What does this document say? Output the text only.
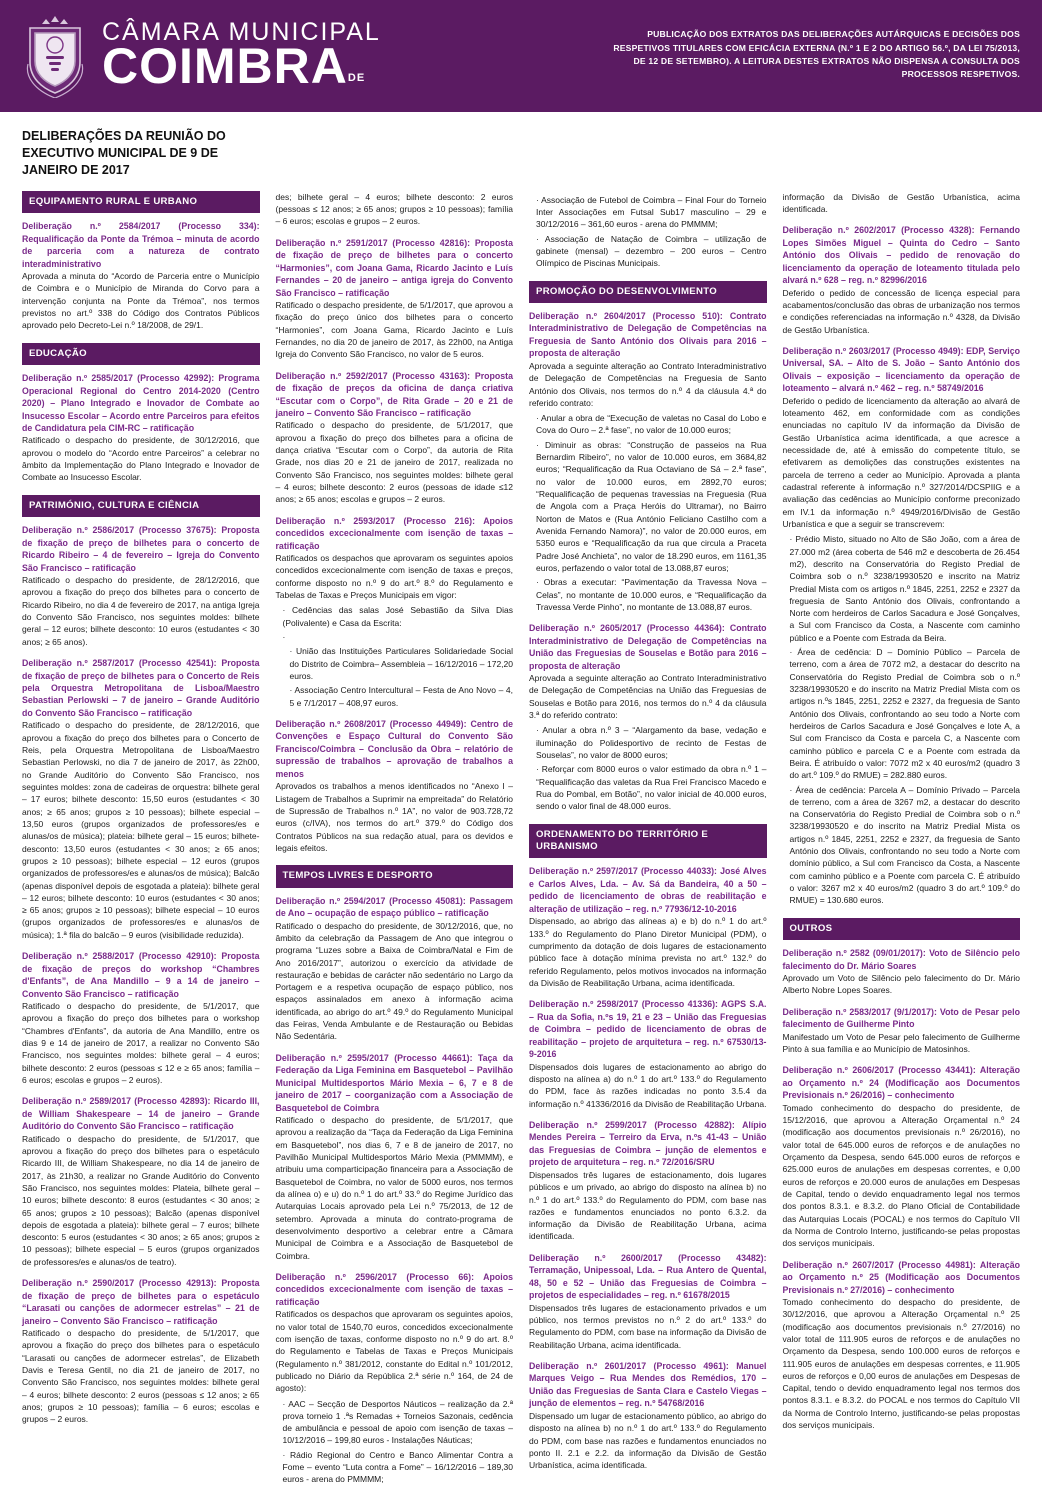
CÂMARA MUNICIPAL
COIMBRADE
PUBLICAÇÃO DOS EXTRATOS DAS DELIBERAÇÕES AUTÁRQUICAS E DECISÕES DOS RESPETIVOS TITULARES COM EFICÁCIA EXTERNA (N.º 1 E 2 DO ARTIGO 56.º, DA LEI 75/2013, DE 12 DE SETEMBRO). A LEITURA DESTES EXTRATOS NÃO DISPENSA A CONSULTA DOS PROCESSOS RESPETIVOS.
DELIBERAÇÕES DA REUNIÃO DO EXECUTIVO MUNICIPAL DE 9 DE JANEIRO DE 2017
EQUIPAMENTO RURAL E URBANO
Deliberação n.º 2584/2017 (Processo 334): Requalificação da Ponte da Trémoa – minuta de acordo de parceria com a natureza de contrato interadministrativo

Aprovada a minuta do “Acordo de Parceria entre o Município de Coimbra e o Município de Miranda do Corvo para a intervenção conjunta na Ponte da Trémoa”, nos termos previstos no art.º 338 do Código dos Contratos Públicos aprovado pelo Decreto-Lei n.º 18/2008, de 29/1.

EDUCAÇÃO
Deliberação n.º 2585/2017 (Processo 42992): Programa Operacional Regional do Centro 2014-2020 (Centro 2020) – Plano Integrado e Inovador de Combate ao Insucesso Escolar – Acordo entre Parceiros para efeitos de Candidatura pela CIM-RC – ratificação

Ratificado o despacho do presidente, de 30/12/2016, que aprovou o modelo do “Acordo entre Parceiros” a celebrar no âmbito da Implementação do Plano Integrado e Inovador de Combate ao Insucesso Escolar.

PATRIMÓNIO, CULTURA E CIÊNCIA
Deliberação n.º 2586/2017 (Processo 37675): Proposta de fixação de preço de bilhetes para o concerto de Ricardo Ribeiro – 4 de fevereiro – Igreja do Convento São Francisco – ratificação

Ratificado o despacho do presidente, de 28/12/2016, que aprovou a fixação do preço dos bilhetes para o concerto de Ricardo Ribeiro, no dia 4 de fevereiro de 2017, na antiga Igreja do Convento São Francisco, nos seguintes moldes: bilhete geral – 12 euros; bilhete desconto: 10 euros (estudantes < 30 anos; ≥ 65 anos).

Deliberação n.º 2587/2017 (Processo 42541): Proposta de fixação de preço de bilhetes para o Concerto de Reis pela Orquestra Metropolitana de Lisboa/Maestro Sebastian Perlowski – 7 de janeiro – Grande Auditório do Convento São Francisco – ratificação

Ratificado o despacho do presidente, de 28/12/2016, que aprovou a fixação do preço dos bilhetes para o Concerto de Reis, pela Orquestra Metropolitana de Lisboa/Maestro Sebastian Perlowski, no dia 7 de janeiro de 2017, às 22h00, no Grande Auditório do Convento São Francisco, nos seguintes moldes: zona de cadeiras de orquestra: bilhete geral – 17 euros; bilhete desconto: 15,50 euros (estudantes < 30 anos; ≥ 65 anos; grupos ≥ 10 pessoas); bilhete especial – 13,50 euros (grupos organizados de professores/es e alunas/os de música); plateia: bilhete geral – 15 euros; bilhete-desconto: 13,50 euros (estudantes < 30 anos; ≥ 65 anos; grupos ≥ 10 pessoas); bilhete especial – 12 euros (grupos organizados de professores/es e alunas/os de música); Balcão (apenas disponível depois de esgotada a plateia): bilhete geral – 12 euros; bilhete desconto: 10 euros (estudantes < 30 anos; ≥ 65 anos; grupos ≥ 10 pessoas); bilhete especial – 10 euros (grupos organizados de professores/es e alunas/os de música); 1.ª fila do balcão – 9 euros (visibilidade reduzida).

Deliberação n.º 2588/2017 (Processo 42910): Proposta de fixação de preços do workshop “Chambres d'Enfants”, de Ana Mandillo – 9 a 14 de janeiro – Convento São Francisco – ratificação

Ratificado o despacho do presidente, de 5/1/2017, que aprovou a fixação do preço dos bilhetes para o workshop “Chambres d'Enfants”, da autoria de Ana Mandillo, entre os dias 9 e 14 de janeiro de 2017, a realizar no Convento São Francisco, nos seguintes moldes: bilhete geral – 4 euros; bilhete desconto: 2 euros (pessoas ≤ 12 e ≥ 65 anos; família – 6 euros; escolas e grupos – 2 euros).

Deliberação n.º 2589/2017 (Processo 42893): Ricardo III, de William Shakespeare – 14 de janeiro – Grande Auditório do Convento São Francisco – ratificação

Ratificado o despacho do presidente, de 5/1/2017, que aprovou a fixação do preço dos bilhetes para o espetáculo Ricardo III, de William Shakespeare, no dia 14 de janeiro de 2017, às 21h30, a realizar no Grande Auditório do Convento São Francisco, nos seguintes moldes: Plateia, bilhete geral – 10 euros; bilhete desconto: 8 euros (estudantes < 30 anos; ≥ 65 anos; grupos ≥ 10 pessoas); Balcão (apenas disponível depois de esgotada a plateia): bilhete geral – 7 euros; bilhete desconto: 5 euros (estudantes < 30 anos; ≥ 65 anos; grupos ≥ 10 pessoas); bilhete especial – 5 euros (grupos organizados de professores/es e alunas/os de teatro).

Deliberação n.º 2590/2017 (Processo 42913): Proposta de fixação de preço de bilhetes para o espetáculo “Larasati ou canções de adormecer estrelas” – 21 de janeiro – Convento São Francisco – ratificação

Ratificado o despacho do presidente, de 5/1/2017, que aprovou a fixação do preço dos bilhetes para o espetáculo “Larasati ou canções de adormecer estrelas”, de Elizabeth Davis e Teresa Gentil, no dia 21 de janeiro de 2017, no Convento São Francisco, nos seguintes moldes: bilhete geral – 4 euros; bilhete desconto: 2 euros (pessoas ≤ 12 anos; ≥ 65 anos; grupos ≥ 10 pessoas); família – 6 euros; escolas e grupos – 2 euros.

des; bilhete geral – 4 euros; bilhete desconto: 2 euros (pessoas ≤ 12 anos; ≥ 65 anos; grupos ≥ 10 pessoas); família – 6 euros; escolas e grupos – 2 euros.

Deliberação n.º 2591/2017 (Processo 42816): Proposta de fixação de preço de bilhetes para o concerto “Harmonies”, com Joana Gama, Ricardo Jacinto e Luís Fernandes – 20 de janeiro – antiga igreja do Convento São Francisco – ratificação

Ratificado o despacho presidente, de 5/1/2017, que aprovou a fixação do preço único dos bilhetes para o concerto “Harmonies”, com Joana Gama, Ricardo Jacinto e Luís Fernandes, no dia 20 de janeiro de 2017, às 22h00, na Antiga Igreja do Convento São Francisco, no valor de 5 euros.

Deliberação n.º 2592/2017 (Processo 43163): Proposta de fixação de preços da oficina de dança criativa “Escutar com o Corpo”, de Rita Grade – 20 e 21 de janeiro – Convento São Francisco – ratificação

Ratificado o despacho do presidente, de 5/1/2017, que aprovou a fixação do preço dos bilhetes para a oficina de dança criativa “Escutar com o Corpo”, da autoria de Rita Grade, nos dias 20 e 21 de janeiro de 2017, realizada no Convento São Francisco, nos seguintes moldes: bilhete geral – 4 euros; bilhete desconto: 2 euros (pessoas de idade ≤12 anos; ≥ 65 anos; escolas e grupos – 2 euros.

Deliberação n.º 2593/2017 (Processo 216): Apoios concedidos excecionalmente com isenção de taxas – ratificação

Ratificados os despachos que aprovaram os seguintes apoios concedidos excecionalmente com isenção de taxas e preços, conforme disposto no n.º 9 do art.º 8.º do Regulamento e Tabelas de Taxas e Preços Municipais em vigor:

· Cedências das salas José Sebastião da Silva Dias (Polivalente) e Casa da Escrita:
· · União das Instituições Particulares Solidariedade Social do Distrito de Coimbra– Assembleia – 16/12/2016 – 172,20 euros.
· Associação Centro Intercultural – Festa de Ano Novo – 4, 5 e 7/1/2017 – 408,97 euros.
Deliberação n.º 2608/2017 (Processo 44949): Centro de Convenções e Espaço Cultural do Convento São Francisco/Coimbra – Conclusão da Obra – relatório de supressão de trabalhos – aprovação de trabalhos a menos

Aprovados os trabalhos a menos identificados no “Anexo I – Listagem de Trabalhos a Suprimir na empreitada” do Relatório de Supressão de Trabalhos n.º 1A”, no valor de 903.728,72 euros (c/IVA), nos termos do art.º 379.º do Código dos Contratos Públicos na sua redação atual, para os devidos e legais efeitos.

TEMPOS LIVRES E DESPORTO
Deliberação n.º 2594/2017 (Processo 45081): Passagem de Ano – ocupação de espaço público – ratificação

Ratificado o despacho do presidente, de 30/12/2016, que, no âmbito da celebração da Passagem de Ano que integrou o programa “Luzes sobre a Baixa de Coimbra/Natal e Fim de Ano 2016/2017”, autorizou o exercício da atividade de restauração e bebidas de carácter não sedentário no Largo da Portagem e a respetiva ocupação de espaço público, nos espaços assinalados em anexo à informação acima identificada, ao abrigo do art.º 49.º do Regulamento Municipal das Feiras, Venda Ambulante e de Restauração ou Bebidas Não Sedentária.

Deliberação n.º 2595/2017 (Processo 44661): Taça da Federação da Liga Feminina em Basquetebol – Pavilhão Municipal Multidesportos Mário Mexia – 6, 7 e 8 de janeiro de 2017 – coorganização com a Associação de Basquetebol de Coimbra

Ratificado o despacho do presidente, de 5/1/2017, que aprovou a realização da “Taça da Federação da Liga Feminina em Basquetebol”, nos dias 6, 7 e 8 de janeiro de 2017, no Pavilhão Municipal Multidesportos Mário Mexia (PMMMM), e atribuiu uma comparticipação financeira para a Associação de Basquetebol de Coimbra, no valor de 5000 euros, nos termos da alínea o) e u) do n.º 1 do art.º 33.º do Regime Jurídico das Autarquias Locais aprovado pela Lei n.º 75/2013, de 12 de setembro. Aprovada a minuta do contrato-programa de desenvolvimento desportivo a celebrar entre a Câmara Municipal de Coimbra e a Associação de Basquetebol de Coimbra.

Deliberação n.º 2596/2017 (Processo 66): Apoios concedidos excecionalmente com isenção de taxas – ratificação

Ratificados os despachos que aprovaram os seguintes apoios, no valor total de 1540,70 euros, concedidos excecionalmente com isenção de taxas, conforme disposto no n.º 9 do art. 8.º do Regulamento e Tabelas de Taxas e Preços Municipais (Regulamento n.º 381/2012, constante do Edital n.º 101/2012, publicado no Diário da República 2.ª série n.º 164, de 24 de agosto):

· AAC – Secção de Desportos Náuticos – realização da 2.ª prova torneio 1 .ªs Remadas + Torneios Sazonais, cedência de ambulância e pessoal de apoio com isenção de taxas – 10/12/2016 – 199,80 euros - Instalações Náuticas;
· Rádio Regional do Centro e Banco Alimentar Contra a Fome – evento “Luta contra a Fome” – 16/12/2016 – 189,30 euros - arena do PMMMM;
· Associação de Futebol de Coimbra – Final Four do Torneio Inter Associações em Futsal Sub17 masculino – 29 e 30/12/2016 – 361,60 euros - arena do PMMMM;
· Associação de Natação de Coimbra – utilização de gabinete (mensal) – dezembro – 200 euros – Centro Olímpico de Piscinas Municipais.
PROMOÇÃO DO DESENVOLVIMENTO
Deliberação n.º 2604/2017 (Processo 510): Contrato Interadministrativo de Delegação de Competências na Freguesia de Santo António dos Olivais para 2016 – proposta de alteração

Aprovada a seguinte alteração ao Contrato Interadministrativo de Delegação de Competências na Freguesia de Santo António dos Olivais, nos termos do n.º 4 da cláusula 4.ª do referido contrato:

· Anular a obra de “Execução de valetas no Casal do Lobo e Cova do Ouro – 2.ª fase”, no valor de 10.000 euros;
· Diminuir as obras: “Construção de passeios na Rua Bernardim Ribeiro”, no valor de 10.000 euros, em 3684,82 euros; “Requalificação da Rua Octaviano de Sá – 2.ª fase”, no valor de 10.000 euros, em 2892,70 euros; “Requalificação de pequenas travessias na Freguesia (Rua de Angola com a Praça Heróis do Ultramar), no Bairro Norton de Matos e (Rua António Feliciano Castilho com a Avenida Fernando Namora)”, no valor de 20.000 euros, em 5350 euros e “Requalificação da rua que circula a Praceta Padre José Anchieta”, no valor de 18.290 euros, em 1161,35 euros, perfazendo o valor total de 13.088,87 euros;
· Obras a executar: “Pavimentação da Travessa Nova – Celas”, no montante de 10.000 euros, e “Requalificação da Travessa Verde Pinho”, no montante de 13.088,87 euros.
Deliberação n.º 2605/2017 (Processo 44364): Contrato Interadministrativo de Delegação de Competências na União das Freguesias de Souselas e Botão para 2016 – proposta de alteração

Aprovada a seguinte alteração ao Contrato Interadministrativo de Delegação de Competências na União das Freguesias de Souselas e Botão para 2016, nos termos do n.º 4 da cláusula 3.ª do referido contrato:

· Anular a obra n.º 3 – “Alargamento da base, vedação e iluminação do Polidesportivo de recinto de Festas de Souselas”, no valor de 8000 euros;
· Reforçar com 8000 euros o valor estimado da obra n.º 1 – “Requalificação das valetas da Rua Frei Francisco Macedo e Rua do Pombal, em Botão”, no valor inicial de 40.000 euros, sendo o valor final de 48.000 euros.
ORDENAMENTO DO TERRITÓRIO E URBANISMO
Deliberação n.º 2597/2017 (Processo 44033): José Alves e Carlos Alves, Lda. – Av. Sá da Bandeira, 40 a 50 – pedido de licenciamento de obras de reabilitação e alteração de utilização – reg. n.º 77936/12-10-2016

Dispensado, ao abrigo das alíneas a) e b) do n.º 1 do art.º 133.º do Regulamento do Plano Diretor Municipal (PDM), o cumprimento da dotação de dois lugares de estacionamento público face à dotação mínima prevista no art.º 132.º do referido Regulamento, pelos motivos invocados na informação da Divisão de Reabilitação Urbana, acima identificada.

Deliberação n.º 2598/2017 (Processo 41336): AGPS S.A. – Rua da Sofia, n.ºs 19, 21 e 23 – União das Freguesias de Coimbra – pedido de licenciamento de obras de reabilitação – projeto de arquitetura – reg. n.º 67530/13-9-2016

Dispensados dois lugares de estacionamento ao abrigo do disposto na alínea a) do n.º 1 do art.º 133.º do Regulamento do PDM, face às razões indicadas no ponto 3.5.4 da informação n.º 41336/2016 da Divisão de Reabilitação Urbana.

Deliberação n.º 2599/2017 (Processo 42882): Alípio Mendes Pereira – Terreiro da Erva, n.ºs 41-43 – União das Freguesias de Coimbra – junção de elementos e projeto de arquitetura – reg. n.º 72/2016/SRU

Dispensados três lugares de estacionamento, dois lugares públicos e um privado, ao abrigo do disposto na alínea b) no n.º 1 do art.º 133.º do Regulamento do PDM, com base nas razões e fundamentos enunciados no ponto 6.3.2. da informação da Divisão de Reabilitação Urbana, acima identificada.

Deliberação n.º 2600/2017 (Processo 43482): Terramação, Unipessoal, Lda. – Rua Antero de Quental, 48, 50 e 52 – União das Freguesias de Coimbra – projetos de especialidades – reg. n.º 61678/2015

Dispensados três lugares de estacionamento privados e um público, nos termos previstos no n.º 2 do art.º 133.º do Regulamento do PDM, com base na informação da Divisão de Reabilitação Urbana, acima identificada.

Deliberação n.º 2601/2017 (Processo 4961): Manuel Marques Veigo – Rua Mendes dos Remédios, 170 – União das Freguesias de Santa Clara e Castelo Viegas – junção de elementos – reg. n.º 54768/2016

Dispensado um lugar de estacionamento público, ao abrigo do disposto na alínea b) no n.º 1 do art.º 133.º do Regulamento do PDM, com base nas razões e fundamentos enunciados no ponto II. 2.1 e 2.2. da informação da Divisão de Gestão Urbanística, acima identificada.

informação da Divisão de Gestão Urbanística, acima identificada.

Deliberação n.º 2602/2017 (Processo 4328): Fernando Lopes Simões Miguel – Quinta do Cedro – Santo António dos Olivais – pedido de renovação do licenciamento da operação de loteamento titulada pelo alvará n.º 628 – reg. n.º 82996/2016

Deferido o pedido de concessão de licença especial para acabamentos/conclusão das obras de urbanização nos termos e condições referenciadas na informação n.º 4328, da Divisão de Gestão Urbanística.

Deliberação n.º 2603/2017 (Processo 4949): EDP, Serviço Universal, SA. – Alto de S. João – Santo António dos Olivais – exposição – licenciamento da operação de loteamento – alvará n.º 462 – reg. n.º 58749/2016

Deferido o pedido de licenciamento da alteração ao alvará de loteamento 462, em conformidade com as condições enunciadas no capítulo IV da informação da Divisão de Gestão Urbanística acima identificada, a que acresce a necessidade de, até à emissão do competente título, se efetivarem as demolições das construções existentes na parcela de terreno a ceder ao Município. Aprovada a planta cadastral referente à informação n.º 327/2014/DCSPIIG e a avaliação das cedências ao Município conforme preconizado em IV.1 da informação n.º 4949/2016/Divisão de Gestão Urbanística e que a seguir se transcrevem:

· Prédio Misto, situado no Alto de São João, com a área de 27.000 m2 (área coberta de 546 m2 e descoberta de 26.454 m2), descrito na Conservatória do Registo Predial de Coimbra sob o n.º 3238/19930520 e inscrito na Matriz Predial Mista com os artigos n.º 1845, 2251, 2252 e 2327 da freguesia de Santo António dos Olivais, confrontando a Norte com herdeiros de Carlos Sacadura e José Gonçalves, a Sul com Francisco da Costa, a Nascente com caminho público e a Poente com Estrada da Beira.
· Área de cedência: D – Domínio Público – Parcela de terreno, com a área de 7072 m2, a destacar do descrito na Conservatória do Registo Predial de Coimbra sob o n.º 3238/19930520 e do inscrito na Matriz Predial Mista com os artigos n.ºs 1845, 2251, 2252 e 2327, da freguesia de Santo António dos Olivais, confrontando ao seu todo a Norte com herdeiros de Carlos Sacadura e José Gonçalves e lote A, a Sul com Francisco da Costa e parcela C, a Nascente com caminho público e parcela C e a Poente com estrada da Beira. É atribuído o valor: 7072 m2 x 40 euros/m2 (quadro 3 do art.º 109.º do RMUE) = 282.880 euros.
· Área de cedência: Parcela A – Domínio Privado – Parcela de terreno, com a área de 3267 m2, a destacar do descrito na Conservatória do Registo Predial de Coimbra sob o n.º 3238/19930520 e do inscrito na Matriz Predial Mista os artigos n.º 1845, 2251, 2252 e 2327, da freguesia de Santo António dos Olivais, confrontando no seu todo a Norte com domínio público, a Sul com Francisco da Costa, a Nascente com caminho público e a Poente com parcela C. É atribuído o valor: 3267 m2 x 40 euros/m2 (quadro 3 do art.º 109.º do RMUE) = 130.680 euros.
OUTROS
Deliberação n.º 2582 (09/01/2017): Voto de Silêncio pelo falecimento do Dr. Mário Soares

Aprovado um Voto de Silêncio pelo falecimento do Dr. Mário Alberto Nobre Lopes Soares.

Deliberação n.º 2583/2017 (9/1/2017): Voto de Pesar pelo falecimento de Guilherme Pinto

Manifestado um Voto de Pesar pelo falecimento de Guilherme Pinto à sua família e ao Município de Matosinhos.

Deliberação n.º 2606/2017 (Processo 43441): Alteração ao Orçamento n.º 24 (Modificação aos Documentos Previsionais n.º 26/2016) – conhecimento

Tomado conhecimento do despacho do presidente, de 15/12/2016, que aprovou a Alteração Orçamental n.º 24 (modificação aos documentos previsionais n.º 26/2016), no valor total de 645.000 euros de reforços e de anulações no Orçamento da Despesa, sendo 645.000 euros de reforços e 625.000 euros de anulações em despesas correntes, e 0,00 euros de reforços e 20.000 euros de anulações em Despesas de Capital, tendo o devido enquadramento legal nos termos dos pontos 8.3.1. e 8.3.2. do Plano Oficial de Contabilidade das Autarquias Locais (POCAL) e nos termos do Capítulo VII da Norma de Controlo Interno, justificando-se pelas propostas dos serviços municipais.

Deliberação n.º 2607/2017 (Processo 44981): Alteração ao Orçamento n.º 25 (Modificação aos Documentos Previsionais n.º 27/2016) – conhecimento

Tomado conhecimento do despacho do presidente, de 30/12/2016, que aprovou a Alteração Orçamental n.º 25 (modificação aos documentos previsionais n.º 27/2016) no valor total de 111.905 euros de reforços e de anulações no Orçamento da Despesa, sendo 100.000 euros de reforços e 111.905 euros de anulações em despesas correntes, e 11.905 euros de reforços e 0,00 euros de anulações em Despesas de Capital, tendo o devido enquadramento legal nos termos dos pontos 8.3.1. e 8.3.2. do POCAL e nos termos do Capítulo VII da Norma de Controlo Interno, justificando-se pelas propostas dos serviços municipais.
